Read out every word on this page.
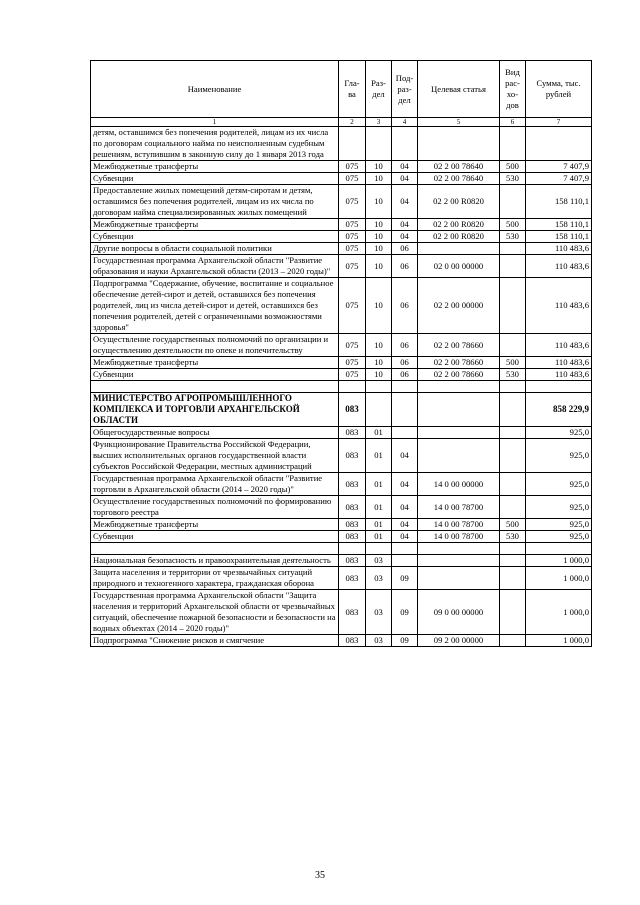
Наименование	Гла-ва	Раз-дел	Под-раз-дел	Целевая статья	Вид рас-хо-дов	Сумма, тыс. рублей
1	2	3	4	5	6	7
детям, оставшимся без попечения родителей, лицам из их числа по договорам социального найма по неисполненным судебным решениям, вступившим в законную силу до 1 января 2013 года						
Межбюджетные трансферты	075	10	04	02 2 00 78640	500	7 407,9
Субвенции	075	10	04	02 2 00 78640	530	7 407,9
Предоставление жилых помещений детям-сиротам и детям, оставшимся без попечения родителей, лицам из их числа по договорам найма специализированных жилых помещений	075	10	04	02 2 00 R0820		158 110,1
Межбюджетные трансферты	075	10	04	02 2 00 R0820	500	158 110,1
Субвенции	075	10	04	02 2 00 R0820	530	158 110,1
Другие вопросы в области социальной политики	075	10	06			110 483,6
Государственная программа Архангельской области "Развитие образования и науки Архангельской области (2013 – 2020 годы)"	075	10	06	02 0 00 00000		110 483,6
Подпрограмма "Содержание, обучение, воспитание и социальное обеспечение детей-сирот и детей, оставшихся без попечения родителей, лиц из числа детей-сирот и детей, оставшихся без попечения родителей, детей с ограниченными возможностями здоровья"	075	10	06	02 2 00 00000		110 483,6
Осуществление государственных полномочий по организации и осуществлению деятельности по опеке и попечительству	075	10	06	02 2 00 78660		110 483,6
Межбюджетные трансферты	075	10	06	02 2 00 78660	500	110 483,6
Субвенции	075	10	06	02 2 00 78660	530	110 483,6

МИНИСТЕРСТВО АГРОПРОМЫШЛЕННОГО КОМПЛЕКСА И ТОРГОВЛИ АРХАНГЕЛЬСКОЙ ОБЛАСТИ	083					858 229,9
Общегосударственные вопросы	083	01				925,0
Функционирование Правительства Российской Федерации, высших исполнительных органов государственной власти субъектов Российской Федерации, местных администраций	083	01	04			925,0
Государственная программа Архангельской области "Развитие торговли в Архангельской области (2014 – 2020 годы)"	083	01	04	14 0 00 00000		925,0
Осуществление государственных полномочий по формированию торгового реестра	083	01	04	14 0 00 78700		925,0
Межбюджетные трансферты	083	01	04	14 0 00 78700	500	925,0
Субвенции	083	01	04	14 0 00 78700	530	925,0

Национальная безопасность и правоохранительная деятельность	083	03				1 000,0
Защита населения и территории от чрезвычайных ситуаций природного и техногенного характера, гражданская оборона	083	03	09			1 000,0
Государственная программа Архангельской области "Защита населения и территорий Архангельской области от чрезвычайных ситуаций, обеспечение пожарной безопасности и безопасности на водных объектах (2014 – 2020 годы)"	083	03	09	09 0 00 00000		1 000,0
Подпрограмма "Снижение рисков и смягчение	083	03	09	09 2 00 00000		1 000,0
35
